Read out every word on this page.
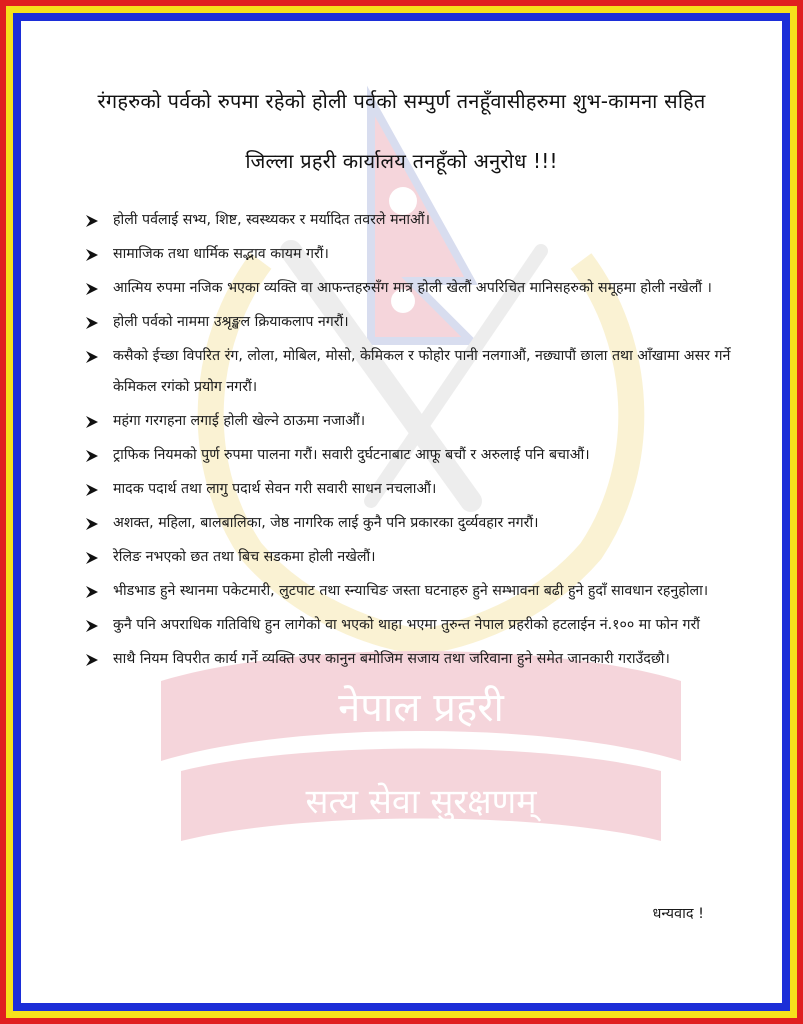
नेपाल प्रहरी
सत्य सेवा सुरक्षणम्
रंगहरुको पर्वको रुपमा रहेको होली पर्वको सम्पुर्ण तनहूँवासीहरुमा शुभ-कामना सहित
जिल्ला प्रहरी कार्यालय तनहूँको अनुरोध !!!
होली पर्वलाई सभ्य, शिष्ट, स्वस्थ्यकर र मर्यादित तवरले मनाऔं।
सामाजिक तथा धार्मिक सद्भाव कायम गरौं।
आत्मिय रुपमा नजिक भएका व्यक्ति वा आफन्तहरुसँग मात्र होली खेलौं अपरिचित मानिसहरुको समूहमा होली नखेलौं ।
होली पर्वको नाममा उश्रृङ्खल क्रियाकलाप नगरौं।
कसैको ईच्छा विपरित रंग, लोला, मोबिल, मोसो, केमिकल र फोहोर पानी नलगाऔं, नछ्यापौं छाला तथा आँखामा असर गर्ने केमिकल रगंको प्रयोग नगरौं।
महंगा गरगहना लगाई होली खेल्ने ठाऊमा नजाऔं।
ट्राफिक नियमको पुर्ण रुपमा पालना गरौं। सवारी दुर्घटनाबाट आफू बचौं र अरुलाई पनि बचाऔं।
मादक पदार्थ तथा लागु पदार्थ सेवन गरी सवारी साधन नचलाऔं।
अशक्त, महिला, बालबालिका, जेष्ठ नागरिक लाई कुनै पनि प्रकारका दुर्व्यवहार नगरौं।
रेलिङ नभएको छत तथा बिच सडकमा होली नखेलौं।
भीडभाड हुने स्थानमा पकेटमारी, लुटपाट तथा स्न्याचिङ जस्ता घटनाहरु हुने सम्भावना बढी हुने हुदाँ सावधान रहनुहोला।
कुनै पनि अपराधिक गतिविधि हुन लागेको वा भएको थाहा भएमा तुरुन्त नेपाल प्रहरीको हटलाईन नं.१०० मा फोन गरौं
साथै नियम विपरीत कार्य गर्ने व्यक्ति उपर कानुन बमोजिम सजाय तथा जरिवाना हुने समेत जानकारी गराउँदछौ।
धन्यवाद !
